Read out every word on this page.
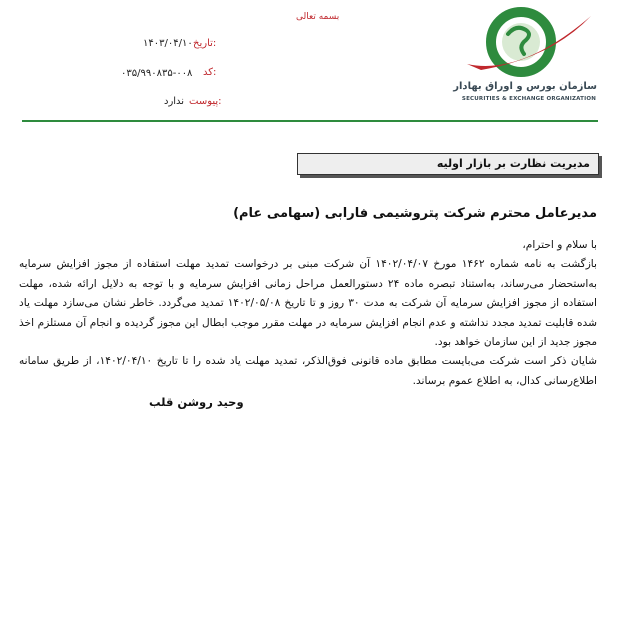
سازمان بورس و اوراق بهادار
SECURITIES & EXCHANGE ORGANIZATION
بسمه تعالی
تاریخ:
۱۴۰۳/۰۴/۱۰
کد:
۰۳۵/۹۹۰۸۳۵-۰۰۸
پیوست:
ندارد
مدیریت نظارت بر بازار اولیه
مدیرعامل محترم شرکت پتروشیمی فارابی (سهامی عام)

با سلام و احترام،

بازگشت به نامه شماره ۱۴۶۲ مورخ ۱۴۰۲/۰۴/۰۷ آن شرکت مبنی بر درخواست تمدید مهلت استفاده از مجوز افزایش سرمایه به‌استحضار می‌رساند، به‌استناد تبصره ماده ۲۴ دستورالعمل مراحل زمانی افزایش سرمایه و با توجه به دلایل ارائه شده، مهلت استفاده از مجوز افزایش سرمایه آن شرکت به مدت ۳۰ روز و تا تاریخ ۱۴۰۲/۰۵/۰۸ تمدید می‌گردد. خاطر نشان می‌سازد مهلت یاد شده قابلیت تمدید مجدد نداشته و عدم انجام افزایش سرمایه در مهلت مقرر موجب ابطال این مجوز گردیده و انجام آن مستلزم اخذ مجوز جدید از این سازمان خواهد بود.

شایان ذکر است شرکت می‌بایست مطابق ماده قانونی فوق‌الذکر، تمدید مهلت یاد شده را تا تاریخ ۱۴۰۲/۰۴/۱۰، از طریق سامانه اطلاع‌رسانی کدال، به اطلاع عموم برساند.

وحید روشن قلب
